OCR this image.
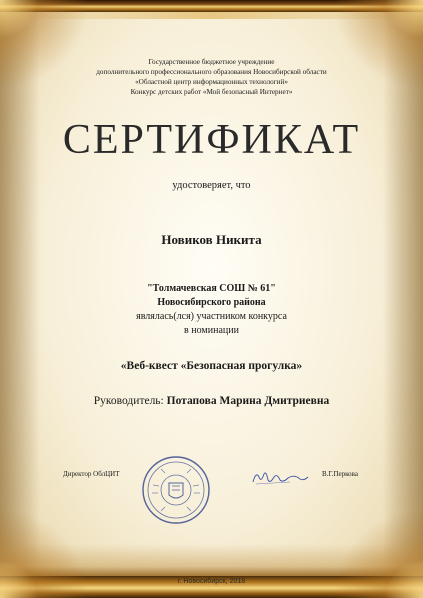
Государственное бюджетное учреждение
дополнительного профессионального образования Новосибирской области
«Областной центр информационных технологий»
Конкурс детских работ «Мой безопасный Интернет»
СЕРТИФИКАТ
удостоверяет, что
Новиков Никита
"Толмачевская СОШ № 61"
Новосибирского района
являлась(лся) участником конкурса
в номинации
«Веб-квест «Безопасная прогулка»
Руководитель: Потапова Марина Дмитриевна
Директор ОблЦИТ	В.Г.Перкова
г. Новосибирск, 2018
